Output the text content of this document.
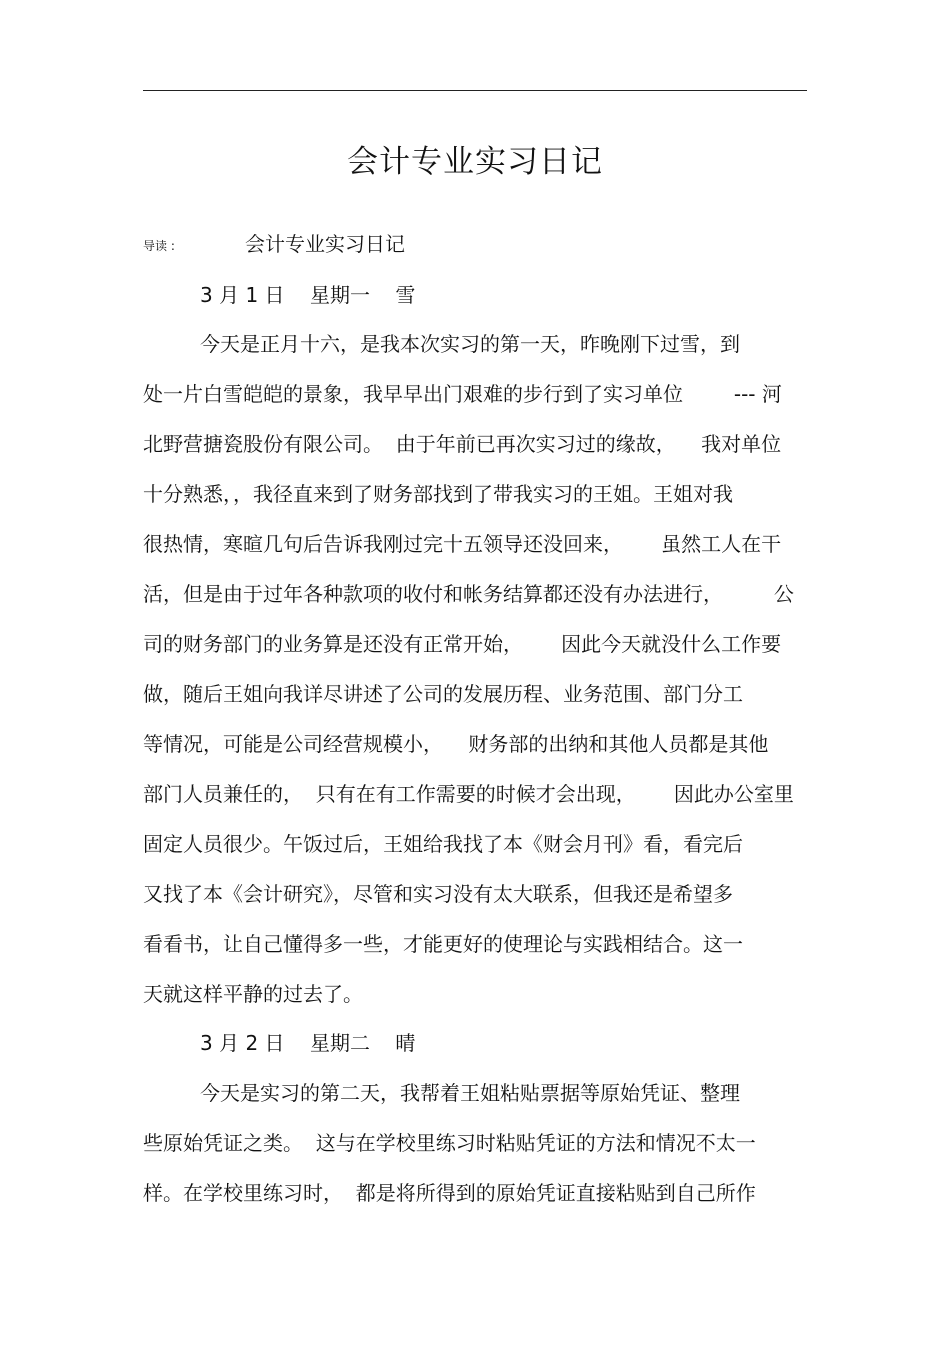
会计专业实习日记
导读 :	会计专业实习日记
3 月 1 日    星期一    雪
今天是正月十六，是我本次实习的第一天，昨晚刚下过雪，到
处一片白雪皑皑的景象，我早早出门艰难的步行到了实习单位        --- 河
北野营搪瓷股份有限公司。  由于年前已再次实习过的缘故，    我对单位
十分熟悉，，我径直来到了财务部找到了带我实习的王姐。王姐对我
很热情，寒暄几句后告诉我刚过完十五领导还没回来，      虽然工人在干
活，但是由于过年各种款项的收付和帐务结算都还没有办法进行，        公
司的财务部门的业务算是还没有正常开始，      因此今天就没什么工作要
做，随后王姐向我详尽讲述了公司的发展历程、业务范围、部门分工
等情况，可能是公司经营规模小，    财务部的出纳和其他人员都是其他
部门人员兼任的，  只有在有工作需要的时候才会出现，      因此办公室里
固定人员很少。午饭过后，王姐给我找了本《财会月刊》看，看完后
又找了本《会计研究》，尽管和实习没有太大联系，但我还是希望多
看看书，让自己懂得多一些，才能更好的使理论与实践相结合。这一
天就这样平静的过去了。
3 月 2 日    星期二    晴
今天是实习的第二天，我帮着王姐粘贴票据等原始凭证、整理
些原始凭证之类。  这与在学校里练习时粘贴凭证的方法和情况不太一
样。在学校里练习时，  都是将所得到的原始凭证直接粘贴到自己所作
